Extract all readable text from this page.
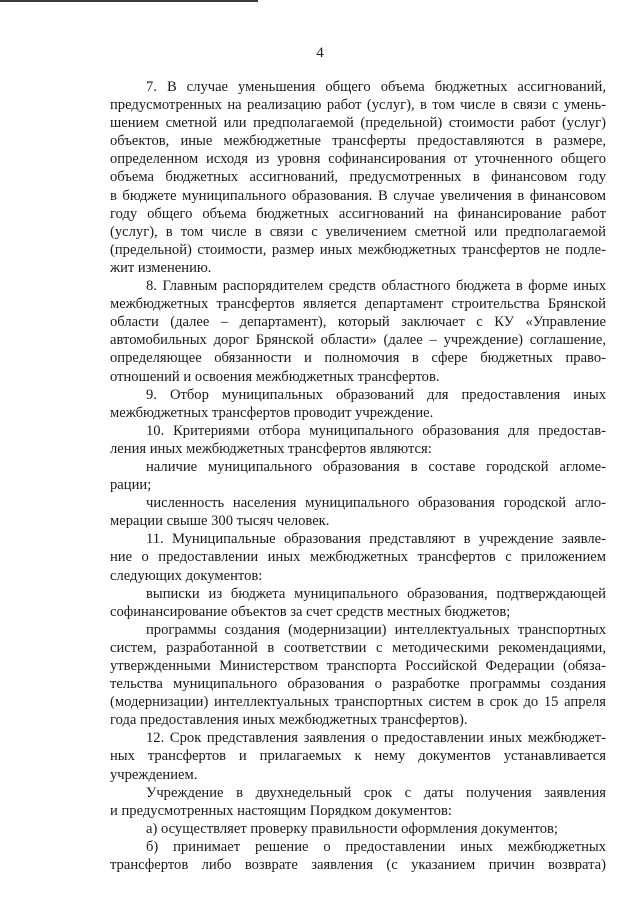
4
7. В случае уменьшения общего объема бюджетных ассигнований,
предусмотренных на реализацию работ (услуг), в том числе в связи с умень-
шением сметной или предполагаемой (предельной) стоимости работ (услуг)
объектов, иные межбюджетные трансферты предоставляются в размере,
определенном исходя из уровня софинансирования от уточненного общего
объема бюджетных ассигнований, предусмотренных в финансовом году
в бюджете муниципального образования. В случае увеличения в финансовом
году общего объема бюджетных ассигнований на финансирование работ
(услуг), в том числе в связи с увеличением сметной или предполагаемой
(предельной) стоимости, размер иных межбюджетных трансфертов не подле-
жит изменению.
8. Главным распорядителем средств областного бюджета в форме иных
межбюджетных трансфертов является департамент строительства Брянской
области (далее – департамент), который заключает с КУ «Управление
автомобильных дорог Брянской области» (далее – учреждение) соглашение,
определяющее обязанности и полномочия в сфере бюджетных право-
отношений и освоения межбюджетных трансфертов.
9. Отбор муниципальных образований для предоставления иных
межбюджетных трансфертов проводит учреждение.
10. Критериями отбора муниципального образования для предостав-
ления иных межбюджетных трансфертов являются:
наличие муниципального образования в составе городской агломе-
рации;
численность населения муниципального образования городской агло-
мерации свыше 300 тысяч человек.
11. Муниципальные образования представляют в учреждение заявле-
ние о предоставлении иных межбюджетных трансфертов с приложением
следующих документов:
выписки из бюджета муниципального образования, подтверждающей
софинансирование объектов за счет средств местных бюджетов;
программы создания (модернизации) интеллектуальных транспортных
систем, разработанной в соответствии с методическими рекомендациями,
утвержденными Министерством транспорта Российской Федерации (обяза-
тельства муниципального образования о разработке программы создания
(модернизации) интеллектуальных транспортных систем в срок до 15 апреля
года предоставления иных межбюджетных трансфертов).
12. Срок представления заявления о предоставлении иных межбюджет-
ных трансфертов и прилагаемых к нему документов устанавливается
учреждением.
Учреждение в двухнедельный срок с даты получения заявления
и предусмотренных настоящим Порядком документов:
а) осуществляет проверку правильности оформления документов;
б) принимает решение о предоставлении иных межбюджетных
трансфертов либо возврате заявления (с указанием причин возврата)
